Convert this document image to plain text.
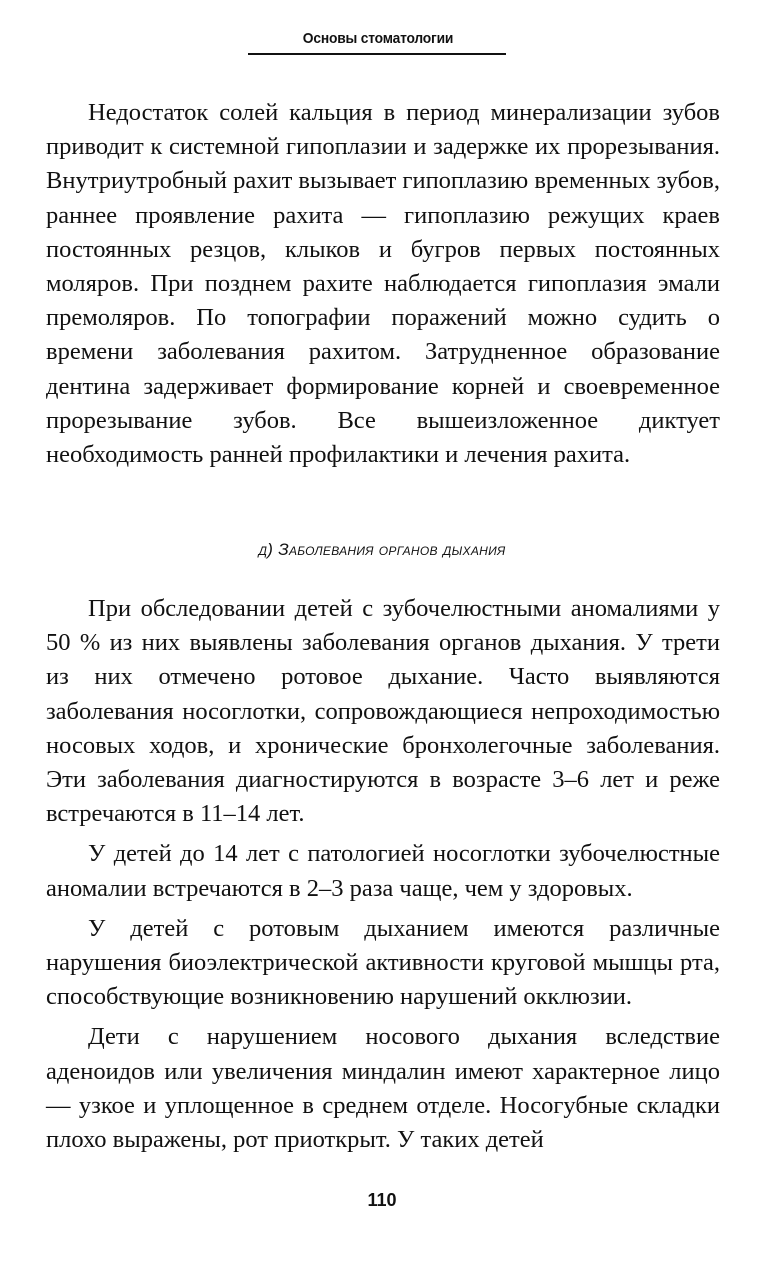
Основы стоматологии

Недостаток солей кальция в период минерализации зубов приводит к системной гипоплазии и задержке их прорезывания. Внутриутробный рахит вызывает гипоплазию временных зубов, раннее проявление рахита — гипоплазию режущих краев постоянных резцов, клыков и бугров первых постоянных моляров. При позднем рахите наблюдается гипоплазия эмали премоляров. По топографии поражений можно судить о времени заболевания рахитом. Затрудненное образование дентина задерживает формирование корней и своевременное прорезывание зубов. Все вышеизложенное диктует необходимость ранней профилактики и лечения рахита.

д) Заболевания органов дыхания

При обследовании детей с зубочелюстными аномалиями у 50 % из них выявлены заболевания органов дыхания. У трети из них отмечено ротовое дыхание. Часто выявляются заболевания носоглотки, сопровождающиеся непроходимостью носовых ходов, и хронические бронхолегочные заболевания. Эти заболевания диагностируются в возрасте 3–6 лет и реже встречаются в 11–14 лет.

У детей до 14 лет с патологией носоглотки зубочелюстные аномалии встречаются в 2–3 раза чаще, чем у здоровых.

У детей с ротовым дыханием имеются различные нарушения биоэлектрической активности круговой мышцы рта, способствующие возникновению нарушений окклюзии.

Дети с нарушением носового дыхания вследствие аденоидов или увеличения миндалин имеют характерное лицо — узкое и уплощенное в среднем отделе. Носогубные складки плохо выражены, рот приоткрыт. У таких детей

110
